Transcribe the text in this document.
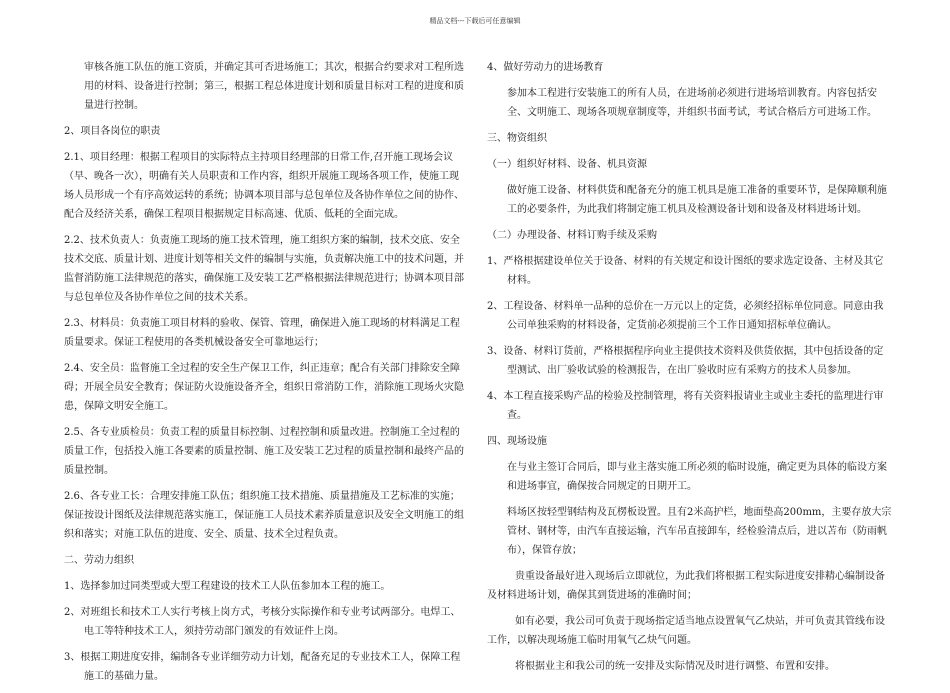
精品文档---下载后可任意编辑
审核各施工队伍的施工资质，并确定其可否进场施工；其次，根据合约要求对工程所选用的材料、设备进行控制；第三，根据工程总体进度计划和质量目标对工程的进度和质量进行控制。
2、项目各岗位的职责
2.1、项目经理：根据工程项目的实际特点主持项目经理部的日常工作,召开施工现场会议（早、晚各一次），明确有关人员职责和工作内容，组织开展施工现场各项工作，使施工现场人员形成一个有序高效运转的系统；协调本项目部与总包单位及各协作单位之间的协作、配合及经济关系，确保工程项目根据规定目标高速、优质、低耗的全面完成。
2.2、技术负责人：负责施工现场的施工技术管理，施工组织方案的编制，技术交底、安全技术交底、质量计划、进度计划等相关文件的编制与实施，负责解决施工中的技术问题，并监督消防施工法律规范的落实，确保施工及安装工艺严格根据法律规范进行；协调本项目部与总包单位及各协作单位之间的技术关系。
2.3、材料员：负责施工项目材料的验收、保管、管理，确保进入施工现场的材料满足工程质量要求。保证工程使用的各类机械设备安全可靠地运行；
2.4、安全员：监督施工全过程的安全生产保卫工作，纠正违章；配合有关部门排除安全障碍；开展全员安全教育；保证防火设施设备齐全，组织日常消防工作，消除施工现场火灾隐患，保障文明安全施工。
2.5、各专业质检员：负责工程的质量目标控制、过程控制和质量改进。控制施工全过程的质量工作，包括投入施工各要素的质量控制、施工及安装工艺过程的质量控制和最终产品的质量控制。
2.6、各专业工长：合理安排施工队伍；组织施工技术措施、质量措施及工艺标准的实施；保证按设计图纸及法律规范落实施工，保证施工人员技术素养质量意识及安全文明施工的组织和落实；对施工队伍的进度、安全、质量、技术全过程负责。
二、劳动力组织
1、选择参加过同类型或大型工程建设的技术工人队伍参加本工程的施工。
2、对班组长和技术工人实行考核上岗方式，考核分实际操作和专业考试两部分。电焊工、电工等特种技术工人，须持劳动部门颁发的有效证件上岗。
3、根据工期进度安排，编制各专业详细劳动力计划，配备充足的专业技术工人，保障工程施工的基础力量。
4、做好劳动力的进场教育
参加本工程进行安装施工的所有人员，在进场前必须进行进场培训教育。内容包括安全、文明施工、现场各项规章制度等，并组织书面考试，考试合格后方可进场工作。
三、物资组织
（一）组织好材料、设备、机具资源
做好施工设备、材料供货和配备充分的施工机具是施工准备的重要环节，是保障顺利施工的必要条件，为此我们将制定施工机具及检测设备计划和设备及材料进场计划。
（二）办理设备、材料订购手续及采购
1、严格根据建设单位关于设备、材料的有关规定和设计图纸的要求选定设备、主材及其它材料。
2、工程设备、材料单一品种的总价在一万元以上的定货，必须经招标单位同意。同意由我公司单独采购的材料设备，定货前必须提前三个工作日通知招标单位确认。
3、设备、材料订货前，严格根据程序向业主提供技术资料及供货依据，其中包括设备的定型测试、出厂验收试验的检测报告，在出厂验收时应有采购方的技术人员参加。
4、本工程直接采购产品的检验及控制管理，将有关资料报请业主或业主委托的监理进行审查。
四、现场设施
在与业主签订合同后，即与业主落实施工所必须的临时设施，确定更为具体的临设方案和进场事宜，确保按合同规定的日期开工。
料场区按轻型钢结构及瓦楞板设置。且有2米高护栏，地面垫高200mm，主要存放大宗管材、钢材等，由汽车直接运输，汽车吊直接卸车，经检验清点后，进以苫布（防雨帆布），保管存放；
贵重设备最好进入现场后立即就位，为此我们将根据工程实际进度安排精心编制设备及材料进场计划，确保其到货进场的准确时间；
如有必要，我公司可负责于现场指定适当地点设置氧气乙炔站，并可负责其管线布设工作，以解决现场施工临时用氧气乙炔气问题。
将根据业主和我公司的统一安排及实际情况及时进行调整、布置和安排。
